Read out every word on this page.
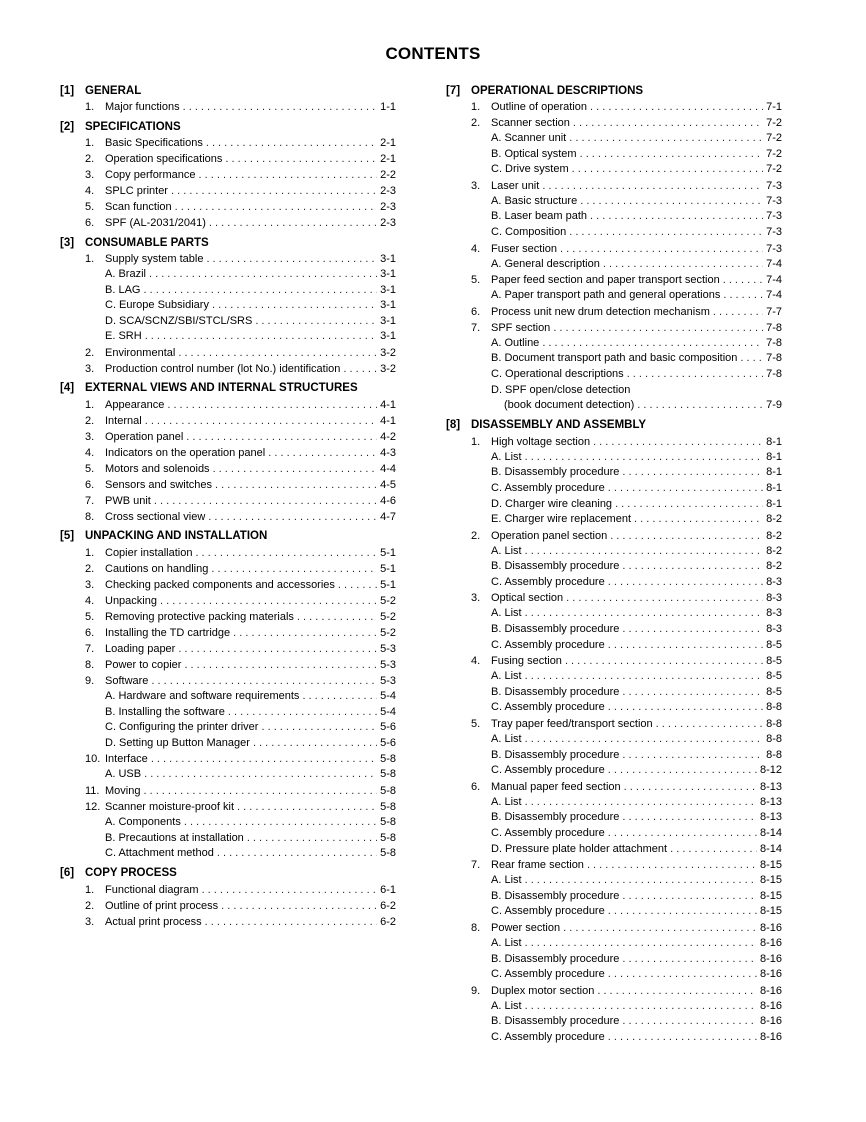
CONTENTS
[1] GENERAL
1. Major functions . . .	1-1
[2] SPECIFICATIONS
1. Basic Specifications . . .	2-1
2. Operation specifications . . .	2-1
3. Copy performance . . .	2-2
4. SPLC printer . . .	2-3
5. Scan function . . .	2-3
6. SPF (AL-2031/2041) . . .	2-3
[3] CONSUMABLE PARTS
1. Supply system table . . .	3-1
A. Brazil . . .	3-1
B. LAG . . .	3-1
C. Europe Subsidiary . . .	3-1
D. SCA/SCNZ/SBI/STCL/SRS . . .	3-1
E. SRH . . .	3-1
2. Environmental . . .	3-2
3. Production control number (lot No.) identification . . .	3-2
[4] EXTERNAL VIEWS AND INTERNAL STRUCTURES
1. Appearance . . .	4-1
2. Internal . . .	4-1
3. Operation panel . . .	4-2
4. Indicators on the operation panel . . .	4-3
5. Motors and solenoids . . .	4-4
6. Sensors and switches . . .	4-5
7. PWB unit . . .	4-6
8. Cross sectional view . . .	4-7
[5] UNPACKING AND INSTALLATION
1. Copier installation . . .	5-1
2. Cautions on handling . . .	5-1
3. Checking packed components and accessories . . .	5-1
4. Unpacking . . .	5-2
5. Removing protective packing materials . . .	5-2
6. Installing the TD cartridge . . .	5-2
7. Loading paper . . .	5-3
8. Power to copier . . .	5-3
9. Software . . .	5-3
A. Hardware and software requirements . . .	5-4
B. Installing the software . . .	5-4
C. Configuring the printer driver . . .	5-6
D. Setting up Button Manager . . .	5-6
10. Interface . . .	5-8
A. USB . . .	5-8
11. Moving . . .	5-8
12. Scanner moisture-proof kit . . .	5-8
A. Components . . .	5-8
B. Precautions at installation . . .	5-8
C. Attachment method . . .	5-8
[6] COPY PROCESS
1. Functional diagram . . .	6-1
2. Outline of print process . . .	6-2
3. Actual print process . . .	6-2
[7] OPERATIONAL DESCRIPTIONS
1. Outline of operation . . .	7-1
2. Scanner section . . .	7-2
A. Scanner unit . . .	7-2
B. Optical system . . .	7-2
C. Drive system . . .	7-2
3. Laser unit . . .	7-3
A. Basic structure . . .	7-3
B. Laser beam path . . .	7-3
C. Composition . . .	7-3
4. Fuser section . . .	7-3
A. General description . . .	7-4
5. Paper feed section and paper transport section . . .	7-4
A. Paper transport path and general operations . . .	7-4
6. Process unit new drum detection mechanism . . .	7-7
7. SPF section . . .	7-8
A. Outline . . .	7-8
B. Document transport path and basic composition . . .	7-8
C. Operational descriptions . . .	7-8
D. SPF open/close detection
(book document detection) . . .	7-9
[8] DISASSEMBLY AND ASSEMBLY
1. High voltage section . . .	8-1
A. List . . .	8-1
B. Disassembly procedure . . .	8-1
C. Assembly procedure . . .	8-1
D. Charger wire cleaning . . .	8-1
E. Charger wire replacement . . .	8-2
2. Operation panel section . . .	8-2
A. List . . .	8-2
B. Disassembly procedure . . .	8-2
C. Assembly procedure . . .	8-3
3. Optical section . . .	8-3
A. List . . .	8-3
B. Disassembly procedure . . .	8-3
C. Assembly procedure . . .	8-5
4. Fusing section . . .	8-5
A. List . . .	8-5
B. Disassembly procedure . . .	8-5
C. Assembly procedure . . .	8-8
5. Tray paper feed/transport section . . .	8-8
A. List . . .	8-8
B. Disassembly procedure . . .	8-8
C. Assembly procedure . . .	8-12
6. Manual paper feed section . . .	8-13
A. List . . .	8-13
B. Disassembly procedure . . .	8-13
C. Assembly procedure . . .	8-14
D. Pressure plate holder attachment . . .	8-14
7. Rear frame section . . .	8-15
A. List . . .	8-15
B. Disassembly procedure . . .	8-15
C. Assembly procedure . . .	8-15
8. Power section . . .	8-16
A. List . . .	8-16
B. Disassembly procedure . . .	8-16
C. Assembly procedure . . .	8-16
9. Duplex motor section . . .	8-16
A. List . . .	8-16
B. Disassembly procedure . . .	8-16
C. Assembly procedure . . .	8-16
